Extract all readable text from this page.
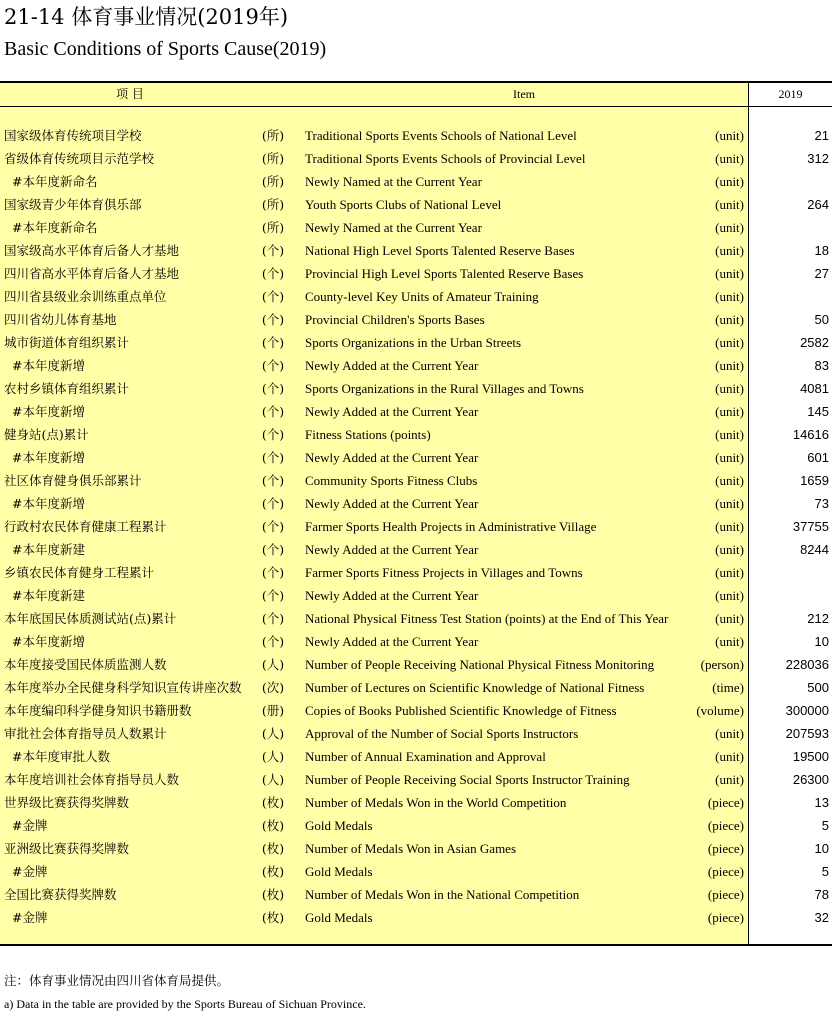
21-14 体育事业情况(2019年)
Basic Conditions of Sports Cause(2019)
项 目	Item	2019
国家级体育传统项目学校	(所) Traditional Sports Events Schools of National Level	(unit)	21
省级体育传统项目示范学校	(所) Traditional Sports Events Schools of Provincial Level	(unit)	312
#本年度新命名	(所) Newly Named at the Current Year	(unit)
国家级青少年体育俱乐部	(所) Youth Sports Clubs of National Level	(unit)	264
#本年度新命名	(所) Newly Named at the Current Year	(unit)
国家级高水平体育后备人才基地	(个) National High Level Sports Talented Reserve Bases	(unit)	18
四川省高水平体育后备人才基地	(个) Provincial High Level Sports Talented Reserve Bases	(unit)	27
四川省县级业余训练重点单位	(个) County-level Key Units of Amateur Training	(unit)
四川省幼儿体育基地	(个) Provincial Children's Sports Bases	(unit)	50
城市街道体育组织累计	(个) Sports Organizations in the Urban Streets	(unit)	2582
#本年度新增	(个) Newly Added at the Current Year	(unit)	83
农村乡镇体育组织累计	(个) Sports Organizations in the Rural Villages and Towns	(unit)	4081
#本年度新增	(个) Newly Added at the Current Year	(unit)	145
健身站(点)累计	(个) Fitness Stations (points)	(unit)	14616
#本年度新增	(个) Newly Added at the Current Year	(unit)	601
社区体育健身俱乐部累计	(个) Community Sports Fitness Clubs	(unit)	1659
#本年度新增	(个) Newly Added at the Current Year	(unit)	73
行政村农民体育健康工程累计	(个) Farmer Sports Health Projects in Administrative Village	(unit)	37755
#本年度新建	(个) Newly Added at the Current Year	(unit)	8244
乡镇农民体育健身工程累计	(个) Farmer Sports Fitness Projects in Villages and Towns	(unit)
#本年度新建	(个) Newly Added at the Current Year	(unit)
本年底国民体质测试站(点)累计	(个) National Physical Fitness Test Station (points) at the End of This Year	(unit)	212
#本年度新增	(个) Newly Added at the Current Year	(unit)	10
本年度接受国民体质监测人数	(人) Number of People Receiving National Physical Fitness Monitoring	(person)	228036
本年度举办全民健身科学知识宣传讲座次数	(次) Number of Lectures on Scientific Knowledge of National Fitness	(time)	500
本年度编印科学健身知识书籍册数	(册) Copies of Books Published Scientific Knowledge of Fitness	(volume)	300000
审批社会体育指导员人数累计	(人) Approval of the Number of Social Sports Instructors	(unit)	207593
#本年度审批人数	(人) Number of Annual Examination and Approval	(unit)	19500
本年度培训社会体育指导员人数	(人) Number of People Receiving Social Sports Instructor Training	(unit)	26300
世界级比赛获得奖牌数	(枚) Number of Medals Won in the World Competition	(piece)	13
#金牌	(枚) Gold Medals	(piece)	5
亚洲级比赛获得奖牌数	(枚) Number of Medals Won in Asian Games	(piece)	10
#金牌	(枚) Gold Medals	(piece)	5
全国比赛获得奖牌数	(枚) Number of Medals Won in the National Competition	(piece)	78
#金牌	(枚) Gold Medals	(piece)	32
注：体育事业情况由四川省体育局提供。
a) Data in the table are provided by the Sports Bureau of Sichuan Province.
